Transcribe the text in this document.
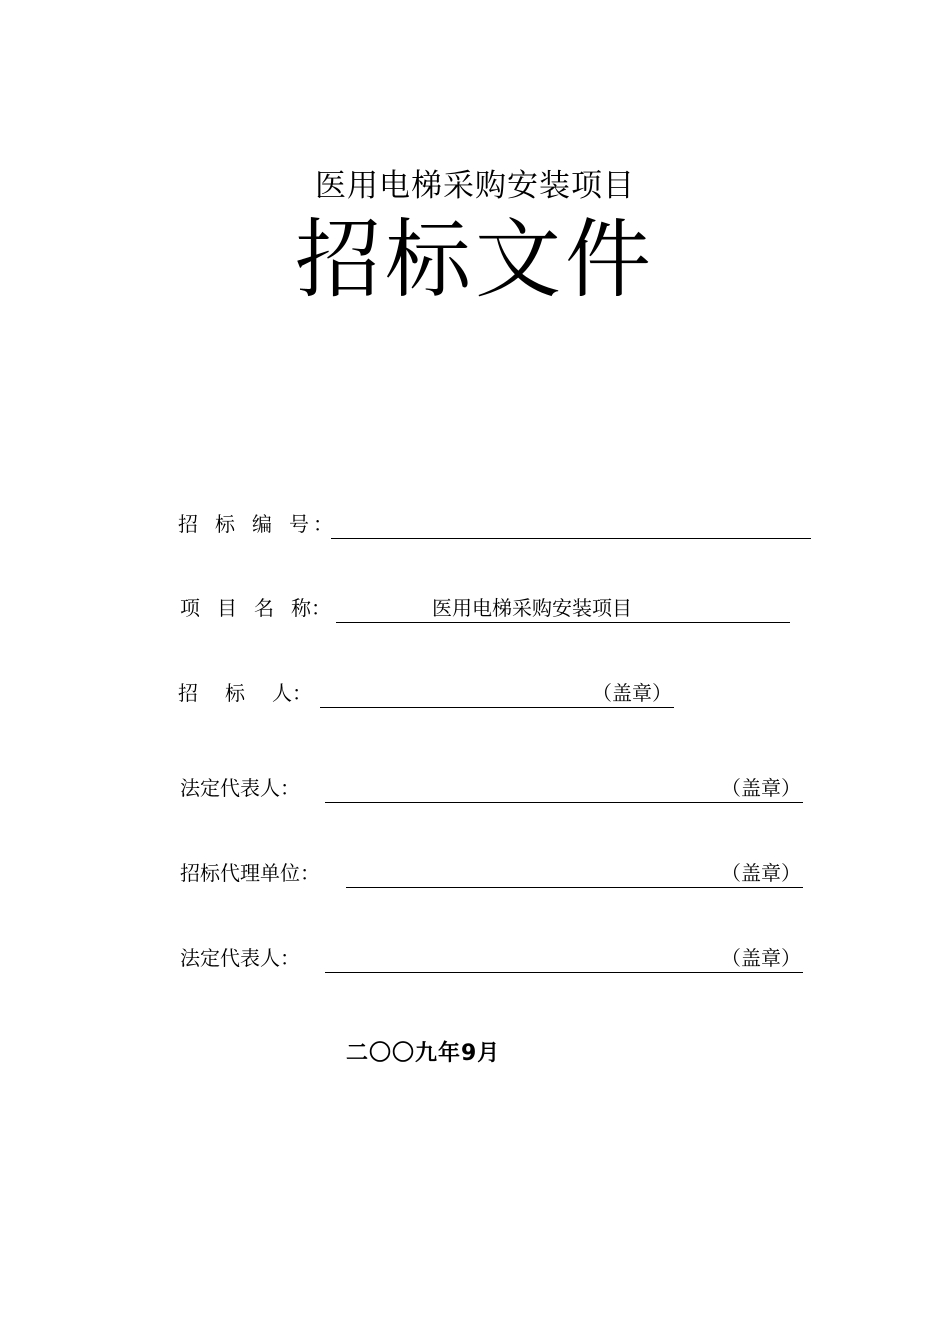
医用电梯采购安装项目
招标文件
招 标 编 号 ：
项 目 名 称：	医用电梯采购安装项目
招 标 人：	（盖章）
法定代表人：	（盖章）
招标代理单位：	（盖章）
法定代表人：	（盖章）
二〇〇九年9月
